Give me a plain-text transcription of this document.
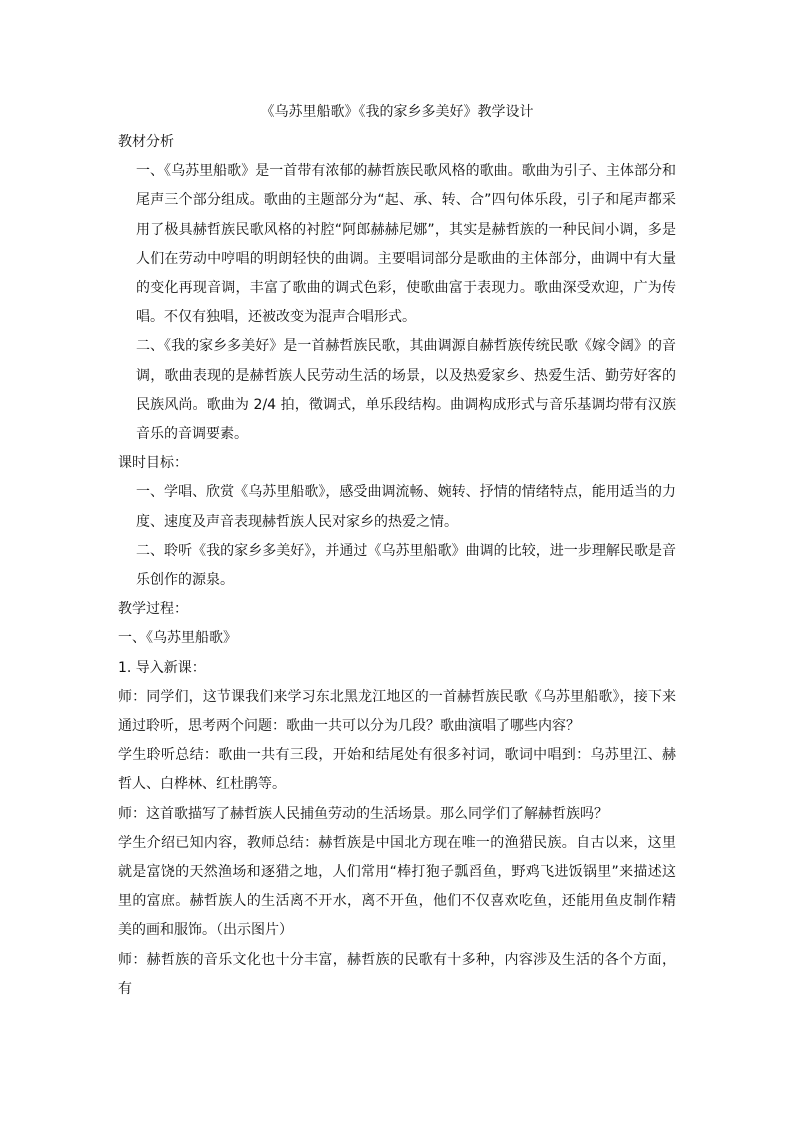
《乌苏里船歌》《我的家乡多美好》教学设计

教材分析

一、《乌苏里船歌》是一首带有浓郁的赫哲族民歌风格的歌曲。歌曲为引子、主体部分和尾声三个部分组成。歌曲的主题部分为“起、承、转、合”四句体乐段，引子和尾声都采用了极具赫哲族民歌风格的衬腔“阿郎赫赫尼娜”，其实是赫哲族的一种民间小调，多是人们在劳动中哼唱的明朗轻快的曲调。主要唱词部分是歌曲的主体部分，曲调中有大量的变化再现音调，丰富了歌曲的调式色彩，使歌曲富于表现力。歌曲深受欢迎，广为传唱。不仅有独唱，还被改变为混声合唱形式。

二、《我的家乡多美好》是一首赫哲族民歌，其曲调源自赫哲族传统民歌《嫁令阔》的音调，歌曲表现的是赫哲族人民劳动生活的场景，以及热爱家乡、热爱生活、勤劳好客的民族风尚。歌曲为 2/4 拍，徵调式，单乐段结构。曲调构成形式与音乐基调均带有汉族音乐的音调要素。

课时目标：

一、学唱、欣赏《乌苏里船歌》，感受曲调流畅、婉转、抒情的情绪特点，能用适当的力度、速度及声音表现赫哲族人民对家乡的热爱之情。

二、聆听《我的家乡多美好》，并通过《乌苏里船歌》曲调的比较，进一步理解民歌是音乐创作的源泉。

教学过程：

一、《乌苏里船歌》

1. 导入新课：

师：同学们，这节课我们来学习东北黑龙江地区的一首赫哲族民歌《乌苏里船歌》，接下来通过聆听，思考两个问题：歌曲一共可以分为几段？歌曲演唱了哪些内容？

学生聆听总结：歌曲一共有三段，开始和结尾处有很多衬词，歌词中唱到：乌苏里江、赫哲人、白桦林、红杜鹃等。

师：这首歌描写了赫哲族人民捕鱼劳动的生活场景。那么同学们了解赫哲族吗？

学生介绍已知内容，教师总结：赫哲族是中国北方现在唯一的渔猎民族。自古以来，这里就是富饶的天然渔场和逐猎之地，人们常用“棒打狍子瓢舀鱼，野鸡飞进饭锅里”来描述这里的富庶。赫哲族人的生活离不开水，离不开鱼，他们不仅喜欢吃鱼，还能用鱼皮制作精美的画和服饰。（出示图片）

师：赫哲族的音乐文化也十分丰富，赫哲族的民歌有十多种，内容涉及生活的各个方面，有
